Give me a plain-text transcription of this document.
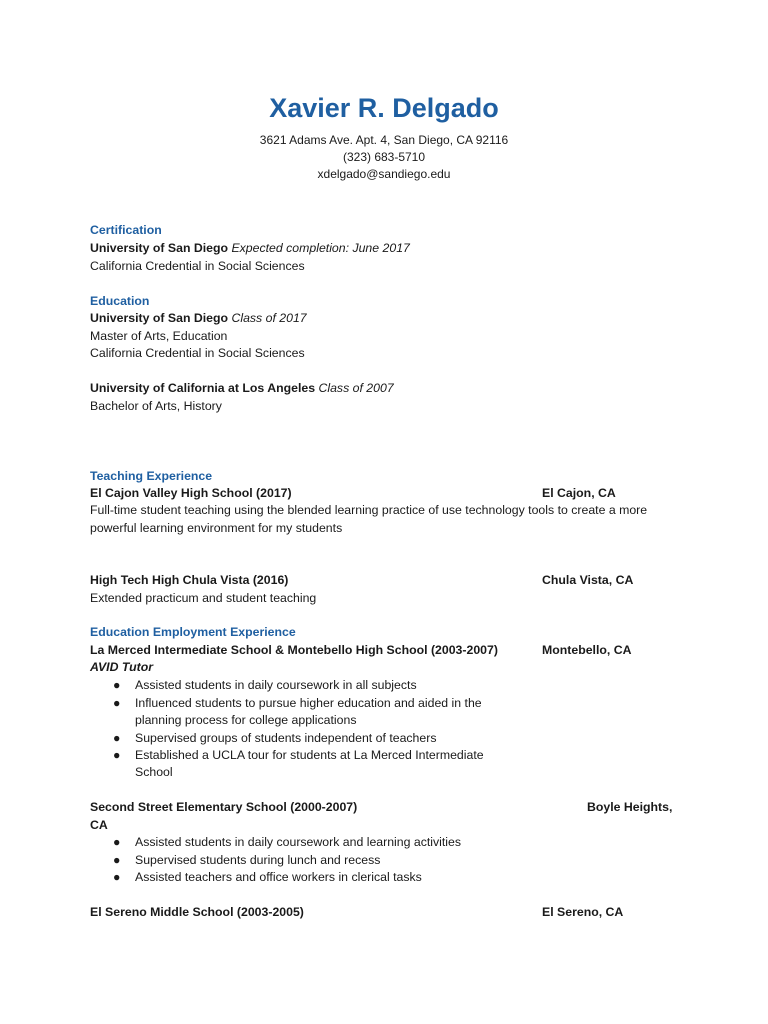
Xavier R. Delgado
3621 Adams Ave. Apt. 4, San Diego, CA 92116
(323) 683-5710
xdelgado@sandiego.edu
Certification
University of San Diego Expected completion: June 2017
California Credential in Social Sciences
Education
University of San Diego Class of 2017
Master of Arts, Education
California Credential in Social Sciences
University of California at Los Angeles Class of 2007
Bachelor of Arts, History
Teaching Experience
El Cajon Valley High School (2017)	El Cajon, CA
Full-time student teaching using the blended learning practice of use technology tools to create a more
powerful learning environment for my students
High Tech High Chula Vista (2016)	Chula Vista, CA
Extended practicum and student teaching
Education Employment Experience
La Merced Intermediate School & Montebello High School (2003-2007)	Montebello, CA
AVID Tutor
● Assisted students in daily coursework in all subjects
● Influenced students to pursue higher education and aided in the
planning process for college applications
● Supervised groups of students independent of teachers
● Established a UCLA tour for students at La Merced Intermediate
School
Second Street Elementary School (2000-2007)	Boyle Heights,
CA
● Assisted students in daily coursework and learning activities
● Supervised students during lunch and recess
● Assisted teachers and office workers in clerical tasks
El Sereno Middle School (2003-2005)	El Sereno, CA
